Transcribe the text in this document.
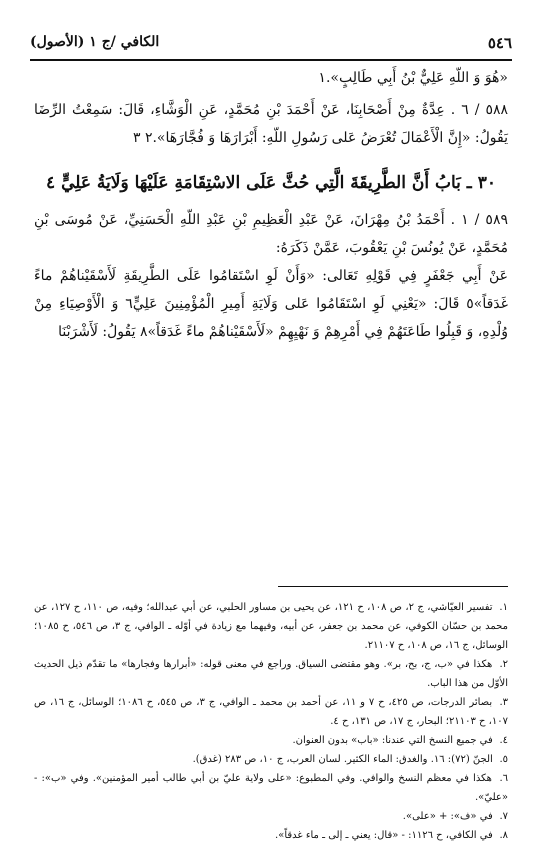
٥٤٦
الكافي /ج ١ (الأصول)

«هُوَ وَ اللّهِ عَلِيٌّ بْنُ أَبِي طَالِبٍ».١

٥٨٨ / ٦ . عِدَّةٌ مِنْ أَصْحَابِنَا، عَنْ أَحْمَدَ بْنِ مُحَمَّدٍ، عَنِ الْوَشَّاءِ، قَالَ: سَمِعْتُ الرِّضَا يَقُولُ: «إِنَّ الْأَعْمَالَ تُعْرَضُ عَلى رَسُولِ اللّهِ: أَبْرَارَهَا وَ فُجَّارَهَا».٢ ٣

٣٠ ـ بَابُ أَنَّ الطَّرِيقَةَ الَّتِي حُثَّ عَلَى الاسْتِقَامَةِ عَلَيْهَا وَلَايَةُ عَلِيٍّ ٤

٥٨٩ / ١ . أَحْمَدُ بْنُ مِهْرَانَ، عَنْ عَبْدِ الْعَظِيمِ بْنِ عَبْدِ اللّهِ الْحَسَنِيِّ، عَنْ مُوسَى بْنِ مُحَمَّدٍ، عَنْ يُونُسَ بْنِ يَعْقُوبَ، عَمَّنْ ذَكَرَهُ:

عَنْ أَبِي جَعْفَرٍ فِي قَوْلِهِ تَعَالى: «وَأَنْ لَوِ اسْتَقامُوا عَلَى الطَّرِيقَةِ لَأَسْقَيْناهُمْ ماءً غَدَقاً»٥ قَالَ: «يَعْنِي لَوِ اسْتَقَامُوا عَلى وَلَايَةِ أَمِيرِ الْمُؤْمِنِينَ عَلِيٍّ٦ وَ الْأَوْصِيَاءِ مِنْ وُلْدِهِ، وَ قَبِلُوا طَاعَتَهُمْ فِي أَمْرِهِمْ وَ نَهْيِهِمْ «لَأَسْقَيْناهُمْ ماءً غَدَقاً»٨ يَقُولُ: لَأَشْرَبْنَا

١. تفسير العيّاشي، ج ٢، ص ١٠٨، ح ١٢١، عن يحيى بن مساور الحلبي، عن أبي عبدالله؛ وفيه، ص ١١٠، ح ١٢٧، عن محمد بن حسّان الكوفي، عن محمد بن جعفر، عن أبيه، وفيهما مع زيادة في أوّله ـ الوافي، ج ٣، ص ٥٤٦، ح ١٠٨٥؛ الوسائل، ج ١٦، ص ١٠٨، ح ٢١١٠٧.

٢. هكذا في «ب، ج، بح، بر». وهو مقتضى السياق. وراجع في معنى قوله: «أبرارها وفجارها» ما تقدّم ذيل الحديث الأوّل من هذا الباب.

٣. بصائر الدرجات، ص ٤٢٥، ح ٧ و ١١، عن أحمد بن محمد ـ الوافي، ج ٣، ص ٥٤٥، ح ١٠٨٦؛ الوسائل، ج ١٦، ص ١٠٧، ح ٢١١٠٣؛ البحار، ج ١٧، ص ١٣١، ح ٤.

٤. في جميع النسخ التي عندنا: «باب» بدون العنوان.

٥. الجنّ (٧٢): ١٦. والغدق: الماء الكثير. لسان العرب، ج ١٠، ص ٢٨٣ (غدق).

٦. هكذا في معظم النسخ والوافي. وفي المطبوع: «على ولاية عليّ بن أبي طالب أمير المؤمنين». وفي «ب»: - «عليّ».

٧. في «ف»: + «على».

٨. في الكافي، ح ١١٢٦: - «قال: يعني ـ إلى ـ ماء غدقاً».
